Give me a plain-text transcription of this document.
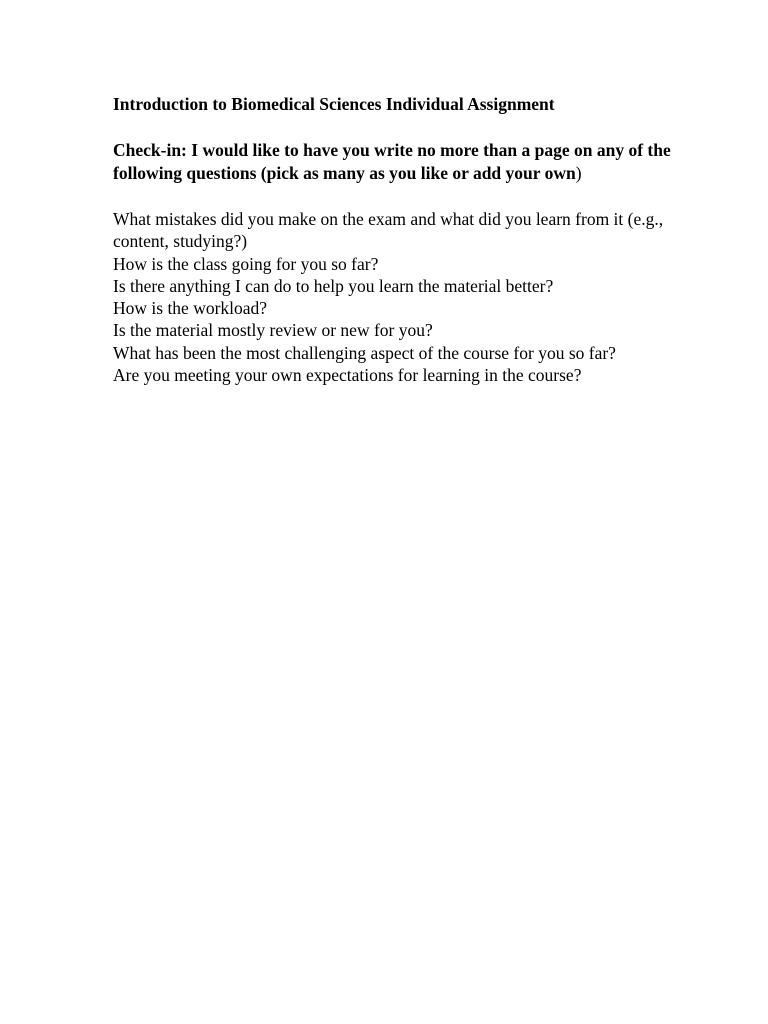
Introduction to Biomedical Sciences Individual Assignment

Check-in: I would like to have you write no more than a page on any of the following questions (pick as many as you like or add your own)

What mistakes did you make on the exam and what did you learn from it (e.g., content, studying?)
How is the class going for you so far?
Is there anything I can do to help you learn the material better?
How is the workload?
Is the material mostly review or new for you?
What has been the most challenging aspect of the course for you so far?
Are you meeting your own expectations for learning in the course?
